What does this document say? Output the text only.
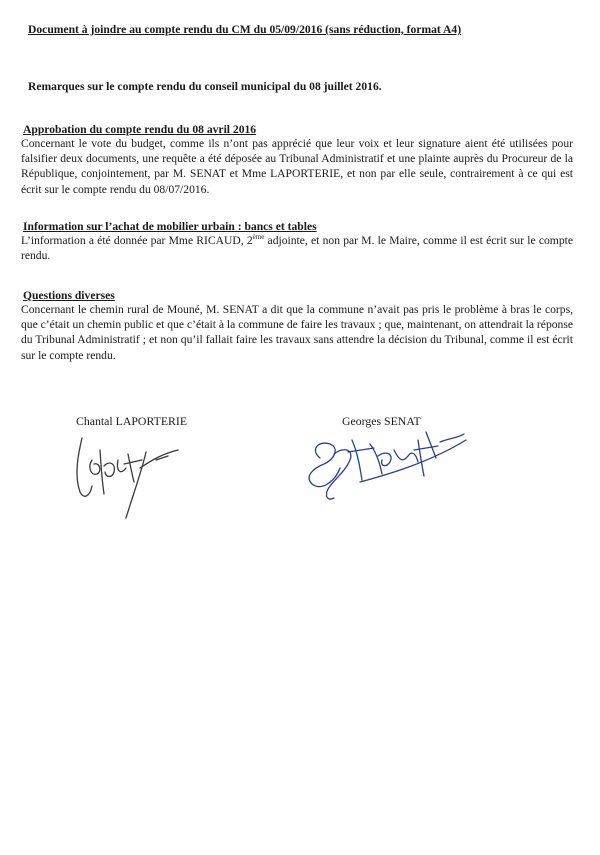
Document à joindre au compte rendu du CM du 05/09/2016 (sans réduction, format A4)
Remarques sur le compte rendu du conseil municipal du 08 juillet 2016.
Approbation du compte rendu du 08 avril 2016
Concernant le vote du budget, comme ils n’ont pas apprécié que leur voix et leur signature aient été utilisées pour falsifier deux documents, une requête a été déposée au Tribunal Administratif et une plainte auprès du Procureur de la République, conjointement, par M. SENAT et Mme LAPORTERIE, et non par elle seule, contrairement à ce qui est écrit sur le compte rendu du 08/07/2016.
Information sur l’achat de mobilier urbain : bancs et tables
L’information a été donnée par Mme RICAUD, 2ème adjointe, et non par M. le Maire, comme il est écrit sur le compte rendu.
Questions diverses
Concernant le chemin rural de Mouné, M. SENAT a dit que la commune n’avait pas pris le problème à bras le corps, que c’était un chemin public et que c’était à la commune de faire les travaux ; que, maintenant, on attendrait la réponse du Tribunal Administratif ; et non qu’il fallait faire les travaux sans attendre la décision du Tribunal, comme il est écrit sur le compte rendu.
Chantal LAPORTERIE	Georges SENAT
